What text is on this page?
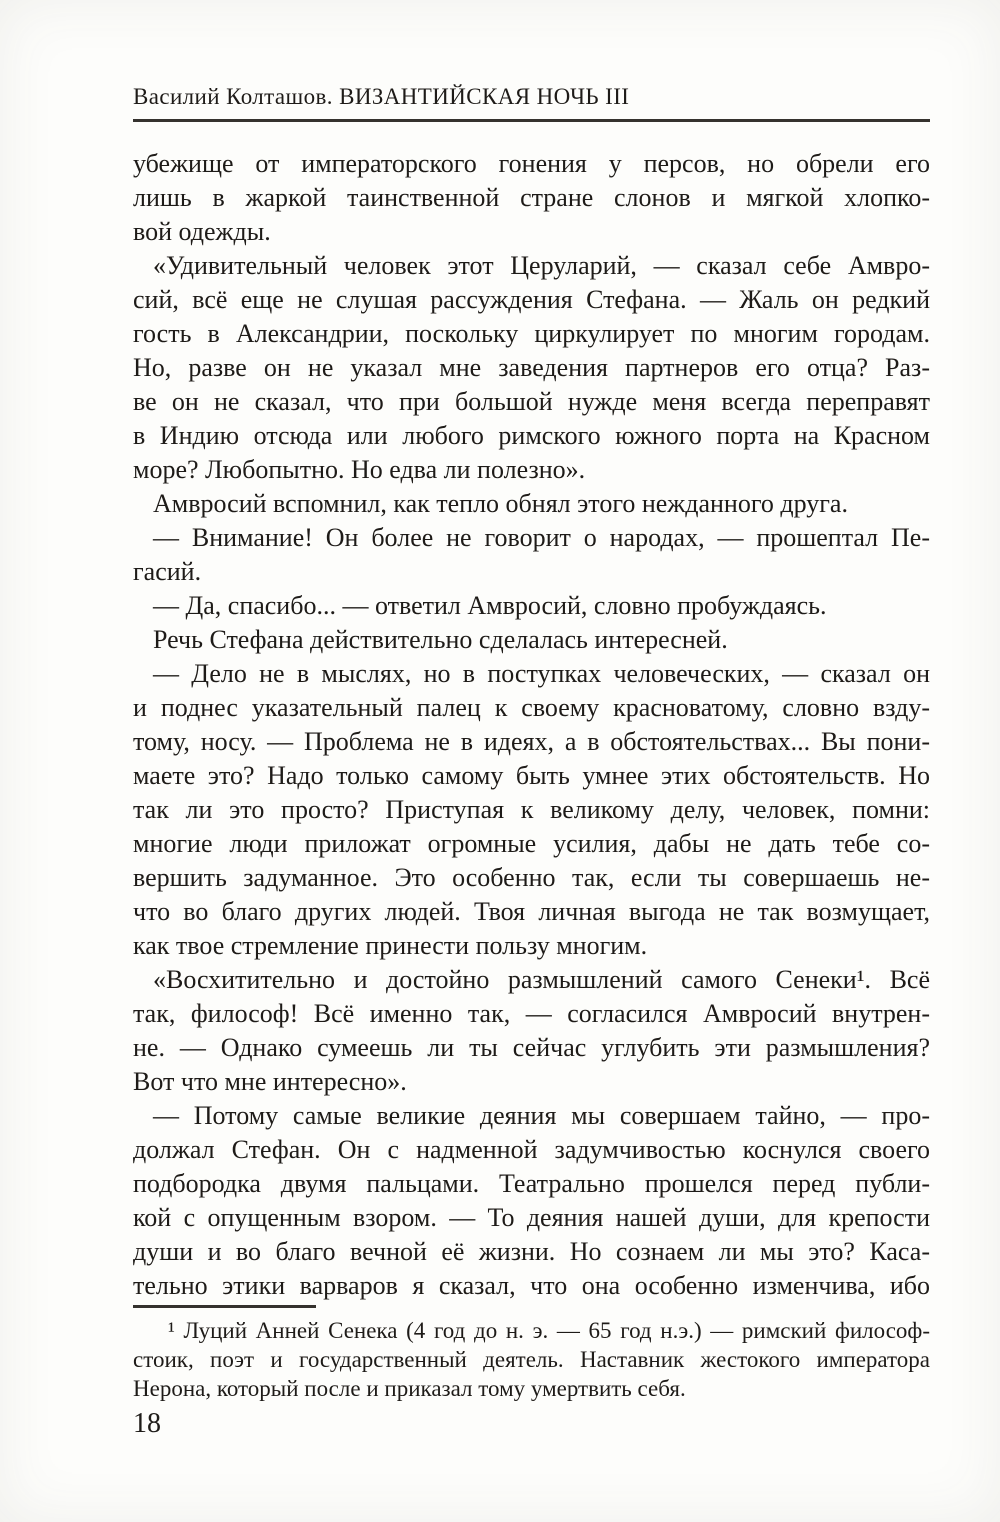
Василий Колташов. ВИЗАНТИЙСКАЯ НОЧЬ III
убежище от императорского гонения у персов, но обрели его
лишь в жаркой таинственной стране слонов и мягкой хлопко-
вой одежды.
«Удивительный человек этот Церуларий, — сказал себе Амвро-
сий, всё еще не слушая рассуждения Стефана. — Жаль он редкий
гость в Александрии, поскольку циркулирует по многим городам.
Но, разве он не указал мне заведения партнеров его отца? Раз-
ве он не сказал, что при большой нужде меня всегда переправят
в Индию отсюда или любого римского южного порта на Красном
море? Любопытно. Но едва ли полезно».
Амвросий вспомнил, как тепло обнял этого нежданного друга.
— Внимание! Он более не говорит о народах, — прошептал Пе-
гасий.
— Да, спасибо... — ответил Амвросий, словно пробуждаясь.
Речь Стефана действительно сделалась интересней.
— Дело не в мыслях, но в поступках человеческих, — сказал он
и поднес указательный палец к своему красноватому, словно взду-
тому, носу. — Проблема не в идеях, а в обстоятельствах... Вы пони-
маете это? Надо только самому быть умнее этих обстоятельств. Но
так ли это просто? Приступая к великому делу, человек, помни:
многие люди приложат огромные усилия, дабы не дать тебе со-
вершить задуманное. Это особенно так, если ты совершаешь не-
что во благо других людей. Твоя личная выгода не так возмущает,
как твое стремление принести пользу многим.
«Восхитительно и достойно размышлений самого Сенеки¹. Всё
так, философ! Всё именно так, — согласился Амвросий внутрен-
не. — Однако сумеешь ли ты сейчас углубить эти размышления?
Вот что мне интересно».
— Потому самые великие деяния мы совершаем тайно, — про-
должал Стефан. Он с надменной задумчивостью коснулся своего
подбородка двумя пальцами. Театрально прошелся перед публи-
кой с опущенным взором. — То деяния нашей души, для крепости
души и во благо вечной её жизни. Но сознаем ли мы это? Каса-
тельно этики варваров я сказал, что она особенно изменчива, ибо
¹ Луций Анней Сенека (4 год до н. э. — 65 год н.э.) — римский философ-
стоик, поэт и государственный деятель. Наставник жестокого императора
Нерона, который после и приказал тому умертвить себя.
18
